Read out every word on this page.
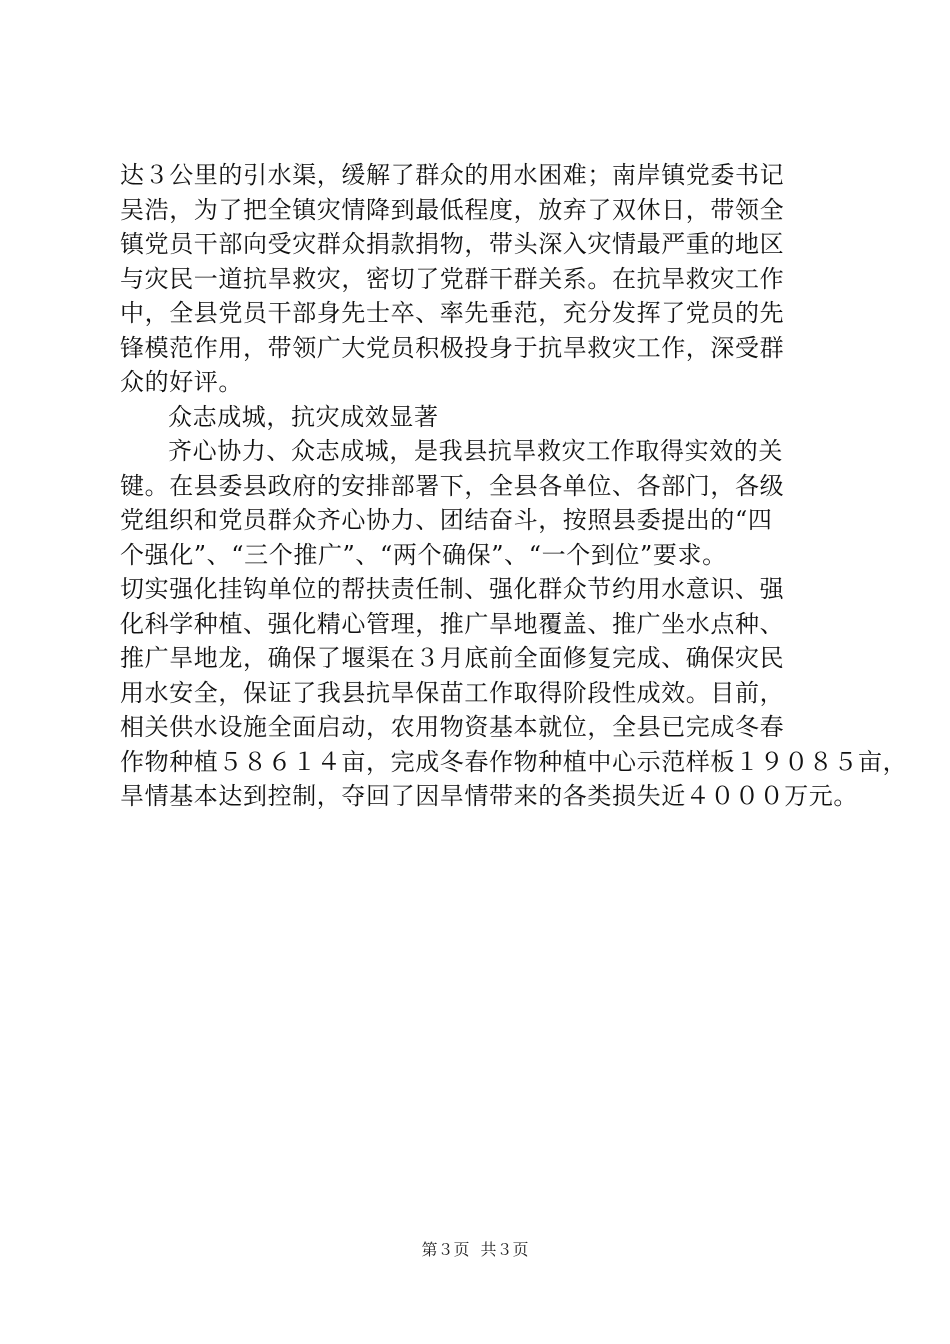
达３公里的引水渠，缓解了群众的用水困难；南岸镇党委书记
吴浩，为了把全镇灾情降到最低程度，放弃了双休日，带领全
镇党员干部向受灾群众捐款捐物，带头深入灾情最严重的地区
与灾民一道抗旱救灾，密切了党群干群关系。在抗旱救灾工作
中，全县党员干部身先士卒、率先垂范，充分发挥了党员的先
锋模范作用，带领广大党员积极投身于抗旱救灾工作，深受群
众的好评。
众志成城，抗灾成效显著
齐心协力、众志成城，是我县抗旱救灾工作取得实效的关
键。在县委县政府的安排部署下，全县各单位、各部门，各级
党组织和党员群众齐心协力、团结奋斗，按照县委提出的“四
个强化”、“三个推广”、“两个确保”、“一个到位”要求。
切实强化挂钩单位的帮扶责任制、强化群众节约用水意识、强
化科学种植、强化精心管理，推广旱地覆盖、推广坐水点种、
推广旱地龙，确保了堰渠在３月底前全面修复完成、确保灾民
用水安全，保证了我县抗旱保苗工作取得阶段性成效。目前，
相关供水设施全面启动，农用物资基本就位，全县已完成冬春
作物种植５８６１４亩，完成冬春作物种植中心示范样板１９０８５亩，
旱情基本达到控制，夺回了因旱情带来的各类损失近４０００万元。
第３页 共３页
